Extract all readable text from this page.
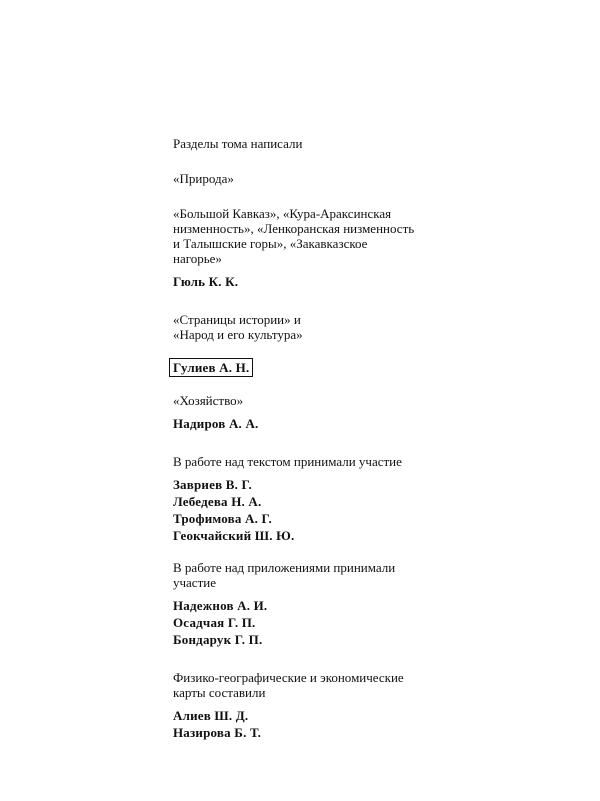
Разделы тома написали

«Природа»

«Большой Кавказ», «Кура-Араксинская

низменность», «Ленкоранская низменность

и Талышские горы», «Закавказское

нагорье»

Гюль К. К.

«Страницы истории» и

«Народ и его культура»

Гулиев А. Н.

«Хозяйство»

Надиров А. А.

В работе над текстом принимали участие

Завриев В. Г.

Лебедева Н. А.

Трофимова А. Г.

Геокчайский Ш. Ю.

В работе над приложениями принимали

участие

Надежнов А. И.

Осадчая Г. П.

Бондарук Г. П.

Физико-географические и экономические

карты составили

Алиев Ш. Д.

Назирова Б. Т.
